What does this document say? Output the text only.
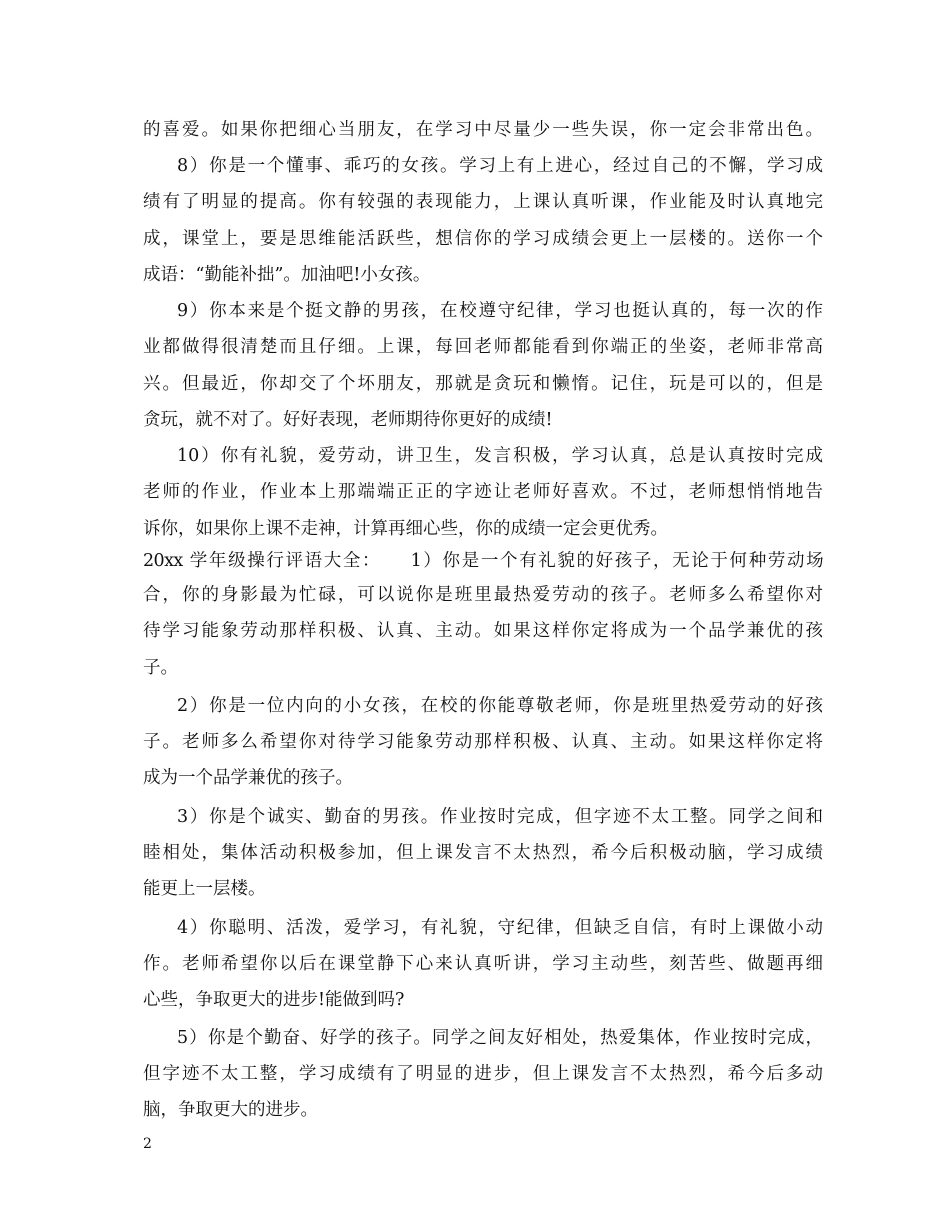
的喜爱。如果你把细心当朋友，在学习中尽量少一些失误，你一定会非常出色。
8）你是一个懂事、乖巧的女孩。学习上有上进心，经过自己的不懈，学习成
绩有了明显的提高。你有较强的表现能力，上课认真听课，作业能及时认真地完
成，课堂上，要是思维能活跃些，想信你的学习成绩会更上一层楼的。送你一个
成语：“勤能补拙”。加油吧!小女孩。
9）你本来是个挺文静的男孩，在校遵守纪律，学习也挺认真的，每一次的作
业都做得很清楚而且仔细。上课，每回老师都能看到你端正的坐姿，老师非常高
兴。但最近，你却交了个坏朋友，那就是贪玩和懒惰。记住，玩是可以的，但是
贪玩，就不对了。好好表现，老师期待你更好的成绩!
10）你有礼貌，爱劳动，讲卫生，发言积极，学习认真，总是认真按时完成
老师的作业，作业本上那端端正正的字迹让老师好喜欢。不过，老师想悄悄地告
诉你，如果你上课不走神，计算再细心些，你的成绩一定会更优秀。
20xx 学年级操行评语大全：　　1）你是一个有礼貌的好孩子，无论于何种劳动场
合，你的身影最为忙碌，可以说你是班里最热爱劳动的孩子。老师多么希望你对
待学习能象劳动那样积极、认真、主动。如果这样你定将成为一个品学兼优的孩
子。
2）你是一位内向的小女孩，在校的你能尊敬老师，你是班里热爱劳动的好孩
子。老师多么希望你对待学习能象劳动那样积极、认真、主动。如果这样你定将
成为一个品学兼优的孩子。
3）你是个诚实、勤奋的男孩。作业按时完成，但字迹不太工整。同学之间和
睦相处，集体活动积极参加，但上课发言不太热烈，希今后积极动脑，学习成绩
能更上一层楼。
4）你聪明、活泼，爱学习，有礼貌，守纪律，但缺乏自信，有时上课做小动
作。老师希望你以后在课堂静下心来认真听讲，学习主动些，刻苦些、做题再细
心些，争取更大的进步!能做到吗?
5）你是个勤奋、好学的孩子。同学之间友好相处，热爱集体，作业按时完成，
但字迹不太工整，学习成绩有了明显的进步，但上课发言不太热烈，希今后多动
脑，争取更大的进步。
2
